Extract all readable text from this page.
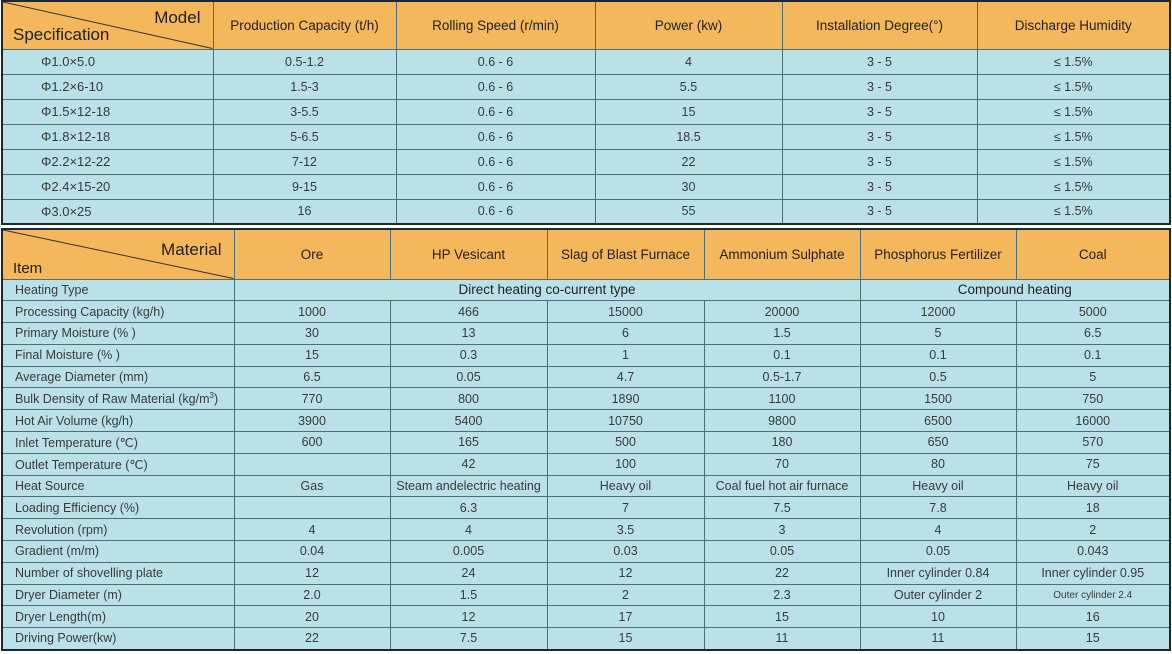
Model
Specification	Production Capacity (t/h)	Rolling Speed (r/min)	Power (kw)	Installation Degree(°)	Discharge Humidity
Φ1.0×5.0	0.5-1.2	0.6 - 6	4	3 - 5	≤ 1.5%
Φ1.2×6-10	1.5-3	0.6 - 6	5.5	3 - 5	≤ 1.5%
Φ1.5×12-18	3-5.5	0.6 - 6	15	3 - 5	≤ 1.5%
Φ1.8×12-18	5-6.5	0.6 - 6	18.5	3 - 5	≤ 1.5%
Φ2.2×12-22	7-12	0.6 - 6	22	3 - 5	≤ 1.5%
Φ2.4×15-20	9-15	0.6 - 6	30	3 - 5	≤ 1.5%
Φ3.0×25	16	0.6 - 6	55	3 - 5	≤ 1.5%
Material
Item	Ore	HP Vesicant	Slag of Blast Furnace	Ammonium Sulphate	Phosphorus Fertilizer	Coal
Heating Type	Direct heating co-current type				Compound heating	
Processing Capacity (kg/h)	1000	466	15000	20000	12000	5000
Primary Moisture (% )	30	13	6	1.5	5	6.5
Final Moisture (% )	15	0.3	1	0.1	0.1	0.1
Average Diameter (mm)	6.5	0.05	4.7	0.5-1.7	0.5	5
Bulk Density of Raw Material $(kg/m^3)$	770	800	1890	1100	1500	750
Hot Air Volume (kg/h)	3900	5400	10750	9800	6500	16000
Inlet Temperature (℃)	600	165	500	180	650	570
Outlet Temperature (℃)		42	100	70	80	75
Heat Source	Gas	Steam andelectric heating	Heavy oil	Coal fuel hot air furnace	Heavy oil	Heavy oil
Loading Efficiency (%)		6.3	7	7.5	7.8	18
Revolution (rpm)	4	4	3.5	3	4	2
Gradient (m/m)	0.04	0.005	0.03	0.05	0.05	0.043
Number of shovelling plate	12	24	12	22	Inner cylinder 0.84	Inner cylinder 0.95
Dryer Diameter (m)	2.0	1.5	2	2.3	Outer cylinder 2	Outer cylinder 2.4
Dryer Length(m)	20	12	17	15	10	16
Driving Power(kw)	22	7.5	15	11	11	15
